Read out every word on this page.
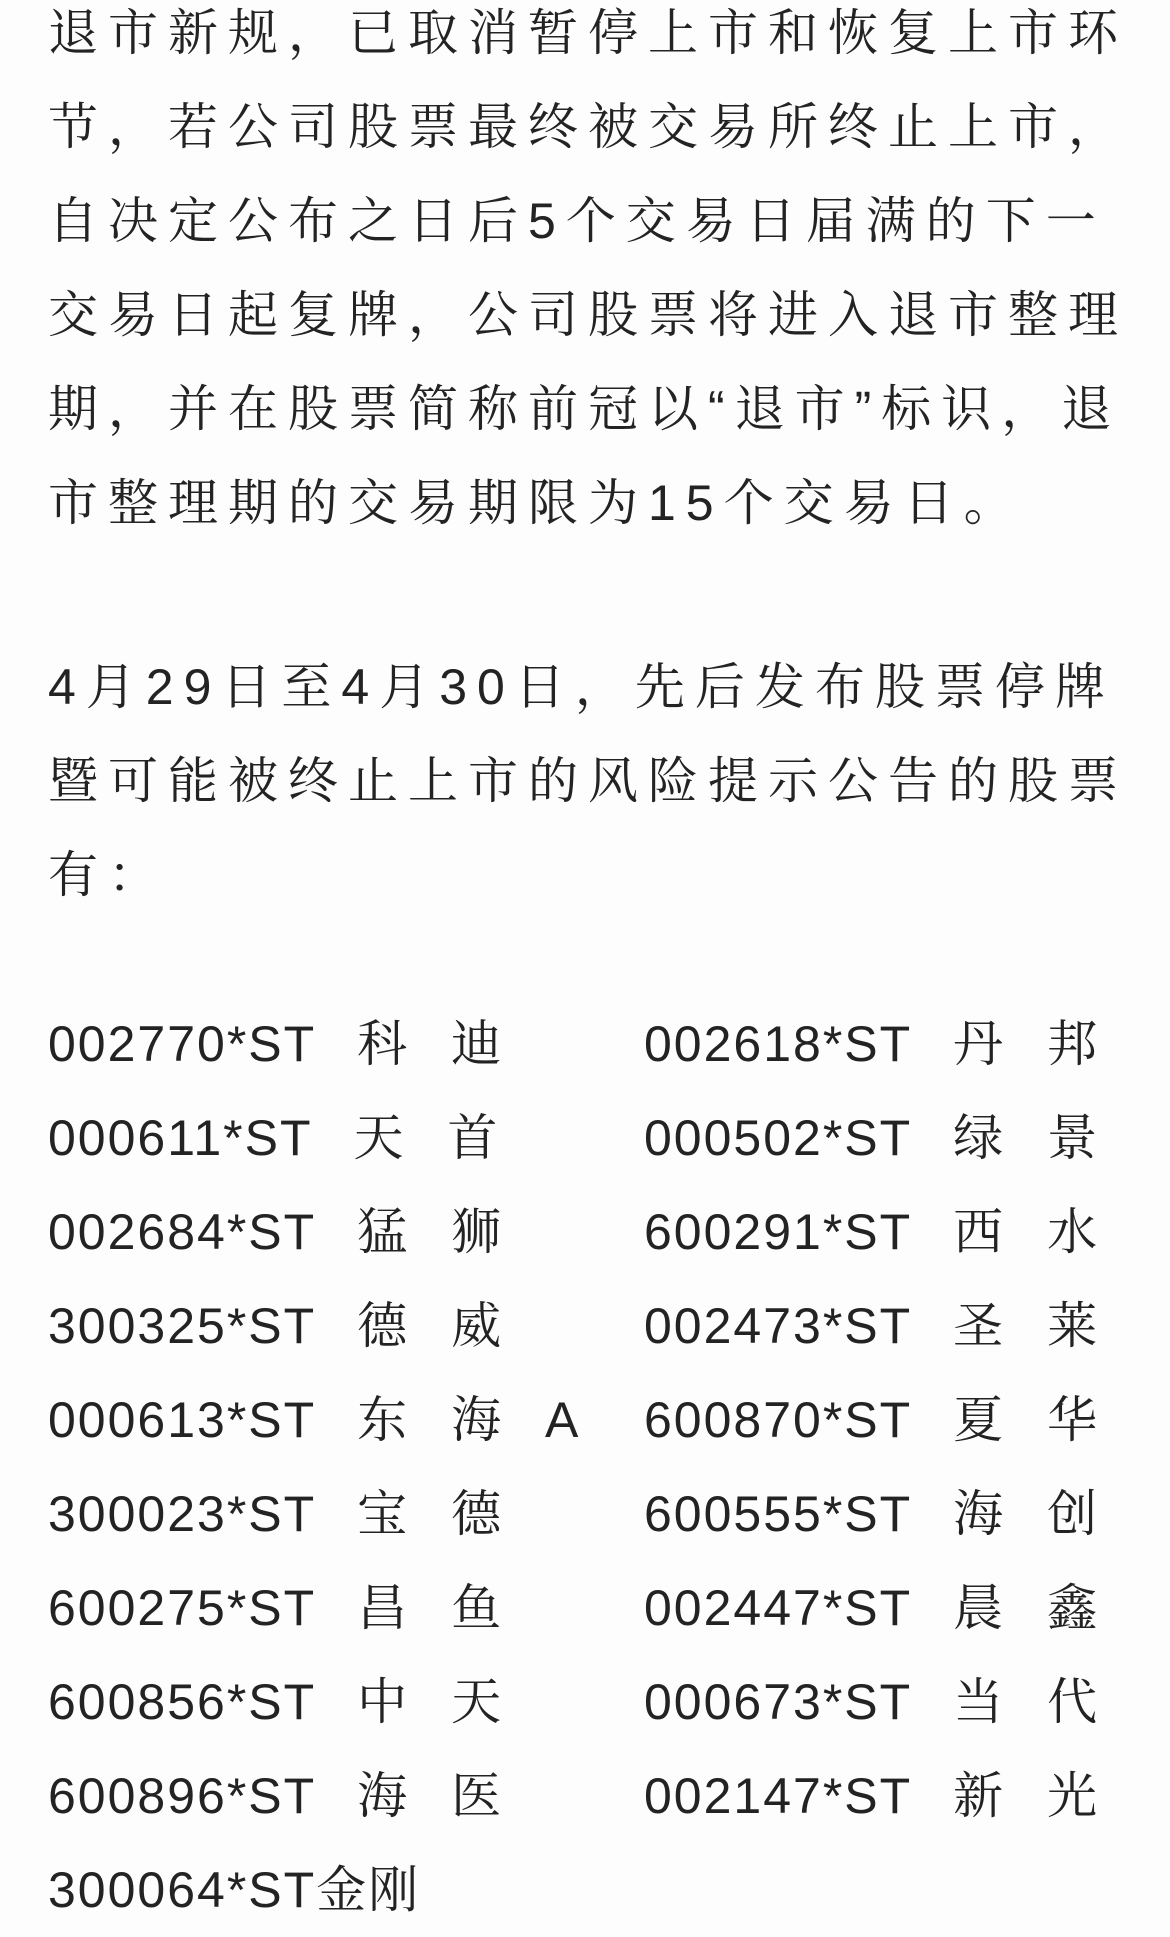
退市新规，已取消暂停上市和恢复上市环
节，若公司股票最终被交易所终止上市，
自决定公布之日后5个交易日届满的下一
交易日起复牌，公司股票将进入退市整理
期，并在股票简称前冠以“退市”标识，退
市整理期的交易期限为15个交易日。
4月29日至4月30日，先后发布股票停牌
暨可能被终止上市的风险提示公告的股票
有：
002770*ST 科 迪	002618*ST 丹 邦
000611*ST 天 首	000502*ST 绿 景
002684*ST 猛 狮	600291*ST 西 水
300325*ST 德 威	002473*ST 圣 莱
000613*ST 东 海 A	600870*ST 夏 华
300023*ST 宝 德	600555*ST 海 创
600275*ST 昌 鱼	002447*ST 晨 鑫
600856*ST 中 天	000673*ST 当 代
600896*ST 海 医	002147*ST 新 光
300064*ST金刚
